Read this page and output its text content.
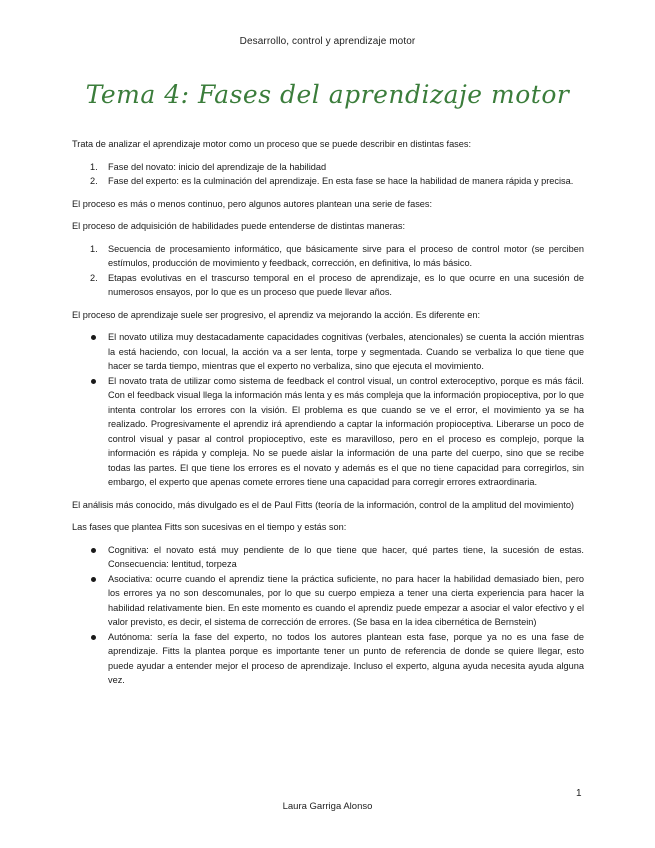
Desarrollo, control y aprendizaje motor
Tema 4: Fases del aprendizaje motor
Trata de analizar el aprendizaje motor como un proceso que se puede describir en distintas fases:
1.	Fase del novato: inicio del aprendizaje de la habilidad
2.	Fase del experto: es la culminación del aprendizaje. En esta fase se hace la habilidad de manera rápida y precisa.
El proceso es más o menos continuo, pero algunos autores plantean una serie de fases:
El proceso de adquisición de habilidades puede entenderse de distintas maneras:
1.	Secuencia de procesamiento informático, que básicamente sirve para el proceso de control motor (se perciben estímulos, producción de movimiento y feedback, corrección, en definitiva, lo más básico.
2.	Etapas evolutivas en el trascurso temporal en el proceso de aprendizaje, es lo que ocurre en una sucesión de numerosos ensayos, por lo que es un proceso que puede llevar años.
El proceso de aprendizaje suele ser progresivo, el aprendiz va mejorando la acción. Es diferente en:
El novato utiliza muy destacadamente capacidades cognitivas (verbales, atencionales) se cuenta la acción mientras la está haciendo, con locual, la acción va a ser lenta, torpe y segmentada. Cuando se verbaliza lo que tiene que hacer se tarda tiempo, mientras que el experto no verbaliza, sino que ejecuta el movimiento.
El novato trata de utilizar como sistema de feedback el control visual, un control exteroceptivo, porque es más fácil. Con el feedback visual llega la información más lenta y es más compleja que la información propioceptiva, por lo que intenta controlar los errores con la visión. El problema es que cuando se ve el error, el movimiento ya se ha realizado. Progresivamente el aprendiz irá aprendiendo a captar la información propioceptiva. Liberarse un poco de control visual y pasar al control propioceptivo, este es maravilloso, pero en el proceso es complejo, porque la información es rápida y compleja. No se puede aislar la información de una parte del cuerpo, sino que se recibe todas las partes. El que tiene los errores es el novato y además es el que no tiene capacidad para corregirlos, sin embargo, el experto que apenas comete errores tiene una capacidad para corregir errores extraordinaria.
El análisis más conocido, más divulgado es el de Paul Fitts (teoría de la información, control de la amplitud del movimiento)
Las fases que plantea Fitts son sucesivas en el tiempo y estás son:
Cognitiva: el novato está muy pendiente de lo que tiene que hacer, qué partes tiene, la sucesión de estas. Consecuencia: lentitud, torpeza
Asociativa: ocurre cuando el aprendiz tiene la práctica suficiente, no para hacer la habilidad demasiado bien, pero los errores ya no son descomunales, por lo que su cuerpo empieza a tener una cierta experiencia para hacer la habilidad relativamente bien. En este momento es cuando el aprendiz puede empezar a asociar el valor efectivo y el valor previsto, es decir, el sistema de corrección de errores. (Se basa en la idea cibernética de Bernstein)
Autónoma: sería la fase del experto, no todos los autores plantean esta fase, porque ya no es una fase de aprendizaje. Fitts la plantea porque es importante tener un punto de referencia de donde se quiere llegar, esto puede ayudar a entender mejor el proceso de aprendizaje. Incluso el experto, alguna ayuda necesita ayuda alguna vez.
1
Laura Garriga Alonso
